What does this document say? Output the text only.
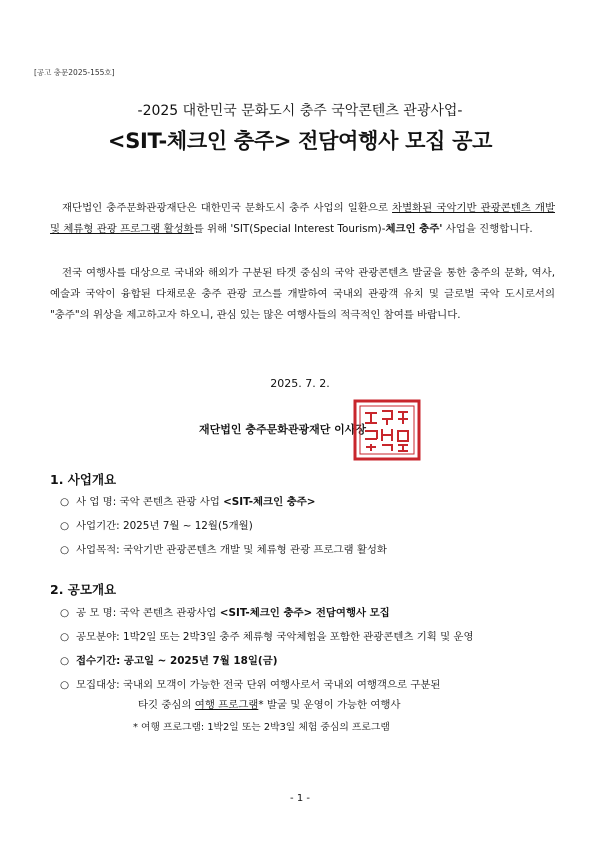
[공고 충문2025-155호]
-2025 대한민국 문화도시 충주 국악콘텐츠 관광사업-
<SIT-체크인 충주> 전담여행사 모집 공고
재단법인 충주문화관광재단은 대한민국 문화도시 충주 사업의 일환으로 차별화된 국악기반 관광콘텐츠 개발 및 체류형 관광 프로그램 활성화를 위해 'SIT(Special Interest Tourism)-체크인 충주' 사업을 진행합니다.
전국 여행사를 대상으로 국내와 해외가 구분된 타겟 중심의 국악 관광콘텐츠 발굴을 통한 충주의 문화, 역사, 예술과 국악이 융합된 다채로운 충주 관광 코스를 개발하여 국내외 관광객 유치 및 글로벌 국악 도시로서의 "충주"의 위상을 제고하고자 하오니, 관심 있는 많은 여행사들의 적극적인 참여를 바랍니다.
2025. 7. 2.
재단법인 충주문화관광재단 이사장
1. 사업개요
○ 사 업 명: 국악 콘텐츠 관광 사업 <SIT-체크인 충주>
○ 사업기간: 2025년 7월 ~ 12월(5개월)
○ 사업목적: 국악기반 관광콘텐츠 개발 및 체류형 관광 프로그램 활성화
2. 공모개요
○ 공 모 명: 국악 콘텐츠 관광사업 <SIT-체크인 충주> 전담여행사 모집
○ 공모분야: 1박2일 또는 2박3일 충주 체류형 국악체험을 포함한 관광콘텐츠 기획 및 운영
○ 접수기간: 공고일 ~ 2025년 7월 18일(금)
○ 모집대상: 국내외 모객이 가능한 전국 단위 여행사로서 국내외 여행객으로 구분된
타깃 중심의 여행 프로그램* 발굴 및 운영이 가능한 여행사
* 여행 프로그램: 1박2일 또는 2박3일 체험 중심의 프로그램
- 1 -
